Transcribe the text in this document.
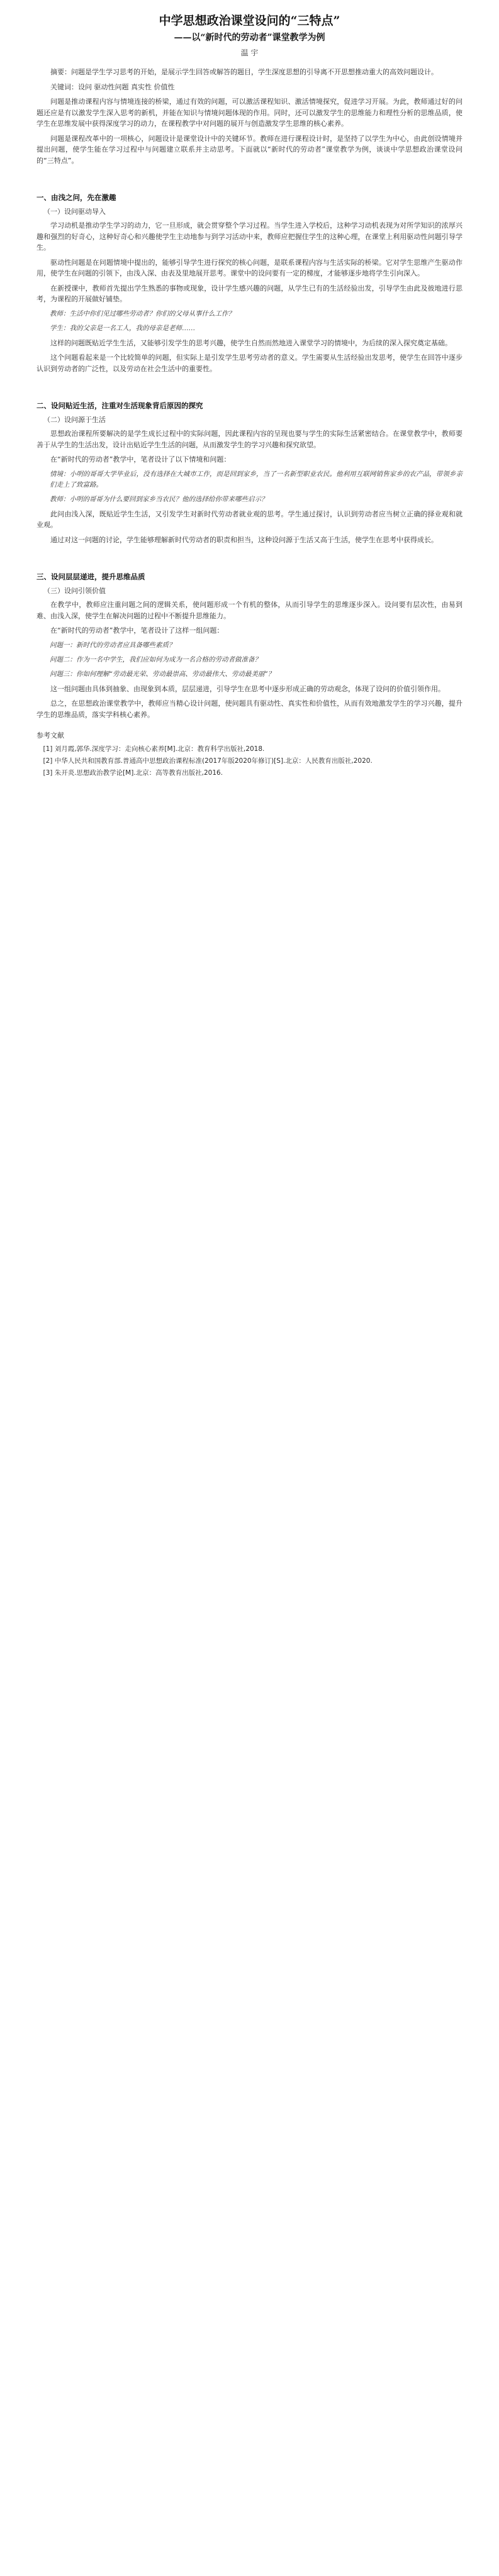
中学思想政治课堂设问的“三特点”
——以“新时代的劳动者”课堂教学为例
温 宇

摘要：问题是学生学习思考的开始，是展示学生回答或解答的题目，学生深度思想的引导离不开思想推动重大的高效问题设计。

关键词：设问 驱动性问题 真实性 价值性

问题是推动课程内容与情境连接的桥梁，通过有效的问题，可以激活课程知识、激活情境探究，促进学习开展。为此，教师通过好的问题还应是有以激发学生深入思考的新机，并能在知识与情境问题体现的作用。同时，还可以激发学生的思维能力和理性分析的思维品质，使学生在思维发展中获得深度学习的动力，在课程教学中对问题的展开与创造激发学生思维的核心素养。

问题是课程改革中的一项核心，问题设计是课堂设计中的关键环节。教师在进行课程设计时，是坚持了以学生为中心，由此创设情境并提出问题，使学生能在学习过程中与问题建立联系并主动思考。下面就以“新时代的劳动者”课堂教学为例，谈谈中学思想政治课堂设问的“三特点”。

一、由浅之问，先在激趣
（一）设问驱动导入

学习动机是推动学生学习的动力，它一旦形成，就会贯穿整个学习过程。当学生进入学校后，这种学习动机表现为对所学知识的浓厚兴趣和强烈的好奇心，这种好奇心和兴趣使学生主动地参与到学习活动中来，教师应把握住学生的这种心理，在课堂上利用驱动性问题引导学生。

驱动性问题是在问题情境中提出的，能够引导学生进行探究的核心问题，是联系课程内容与生活实际的桥梁。它对学生思维产生驱动作用，使学生在问题的引领下，由浅入深、由表及里地展开思考。课堂中的设问要有一定的梯度，才能够逐步地将学生引向深入。

在新授课中，教师首先提出学生熟悉的事物或现象，设计学生感兴趣的问题，从学生已有的生活经验出发，引导学生由此及彼地进行思考，为课程的开展做好铺垫。

教师：生活中你们见过哪些劳动者？你们的父母从事什么工作？
学生：我的父亲是一名工人，我的母亲是老师……

这样的问题既贴近学生生活，又能够引发学生的思考兴趣，使学生自然而然地进入课堂学习的情境中，为后续的深入探究奠定基础。

这个问题看起来是一个比较简单的问题，但实际上是引发学生思考劳动者的意义。学生需要从生活经验出发思考，使学生在回答中逐步认识到劳动者的广泛性，以及劳动在社会生活中的重要性。

二、设问贴近生活，注重对生活现象背后原因的探究
（二）设问源于生活

思想政治课程所要解决的是学生成长过程中的实际问题，因此课程内容的呈现也要与学生的实际生活紧密结合。在课堂教学中，教师要善于从学生的生活出发，设计出贴近学生生活的问题，从而激发学生的学习兴趣和探究欲望。

在“新时代的劳动者”教学中，笔者设计了以下情境和问题：

情境：小明的哥哥大学毕业后，没有选择在大城市工作，而是回到家乡，当了一名新型职业农民。他利用互联网销售家乡的农产品，带领乡亲们走上了致富路。
教师：小明的哥哥为什么要回到家乡当农民？他的选择给你带来哪些启示？

此问由浅入深，既贴近学生生活，又引发学生对新时代劳动者就业观的思考。学生通过探讨，认识到劳动者应当树立正确的择业观和就业观。

通过对这一问题的讨论，学生能够理解新时代劳动者的职责和担当，这种设问源于生活又高于生活，使学生在思考中获得成长。

三、设问层层递进，提升思维品质
（三）设问引领价值

在教学中，教师应注重问题之间的逻辑关系，使问题形成一个有机的整体，从而引导学生的思维逐步深入。设问要有层次性，由易到难、由浅入深，使学生在解决问题的过程中不断提升思维能力。

在“新时代的劳动者”教学中，笔者设计了这样一组问题：

问题一：新时代的劳动者应具备哪些素质？
问题二：作为一名中学生，我们应如何为成为一名合格的劳动者做准备？
问题三：你如何理解“劳动最光荣、劳动最崇高、劳动最伟大、劳动最美丽”？

这一组问题由具体到抽象、由现象到本质，层层递进，引导学生在思考中逐步形成正确的劳动观念，体现了设问的价值引领作用。

总之，在思想政治课堂教学中，教师应当精心设计问题，使问题具有驱动性、真实性和价值性，从而有效地激发学生的学习兴趣，提升学生的思维品质，落实学科核心素养。

参考文献
[1] 刘月霞,郭华.深度学习：走向核心素养[M].北京：教育科学出版社,2018.
[2] 中华人民共和国教育部.普通高中思想政治课程标准(2017年版2020年修订)[S].北京：人民教育出版社,2020.
[3] 朱开炎.思想政治教学论[M].北京：高等教育出版社,2016.
